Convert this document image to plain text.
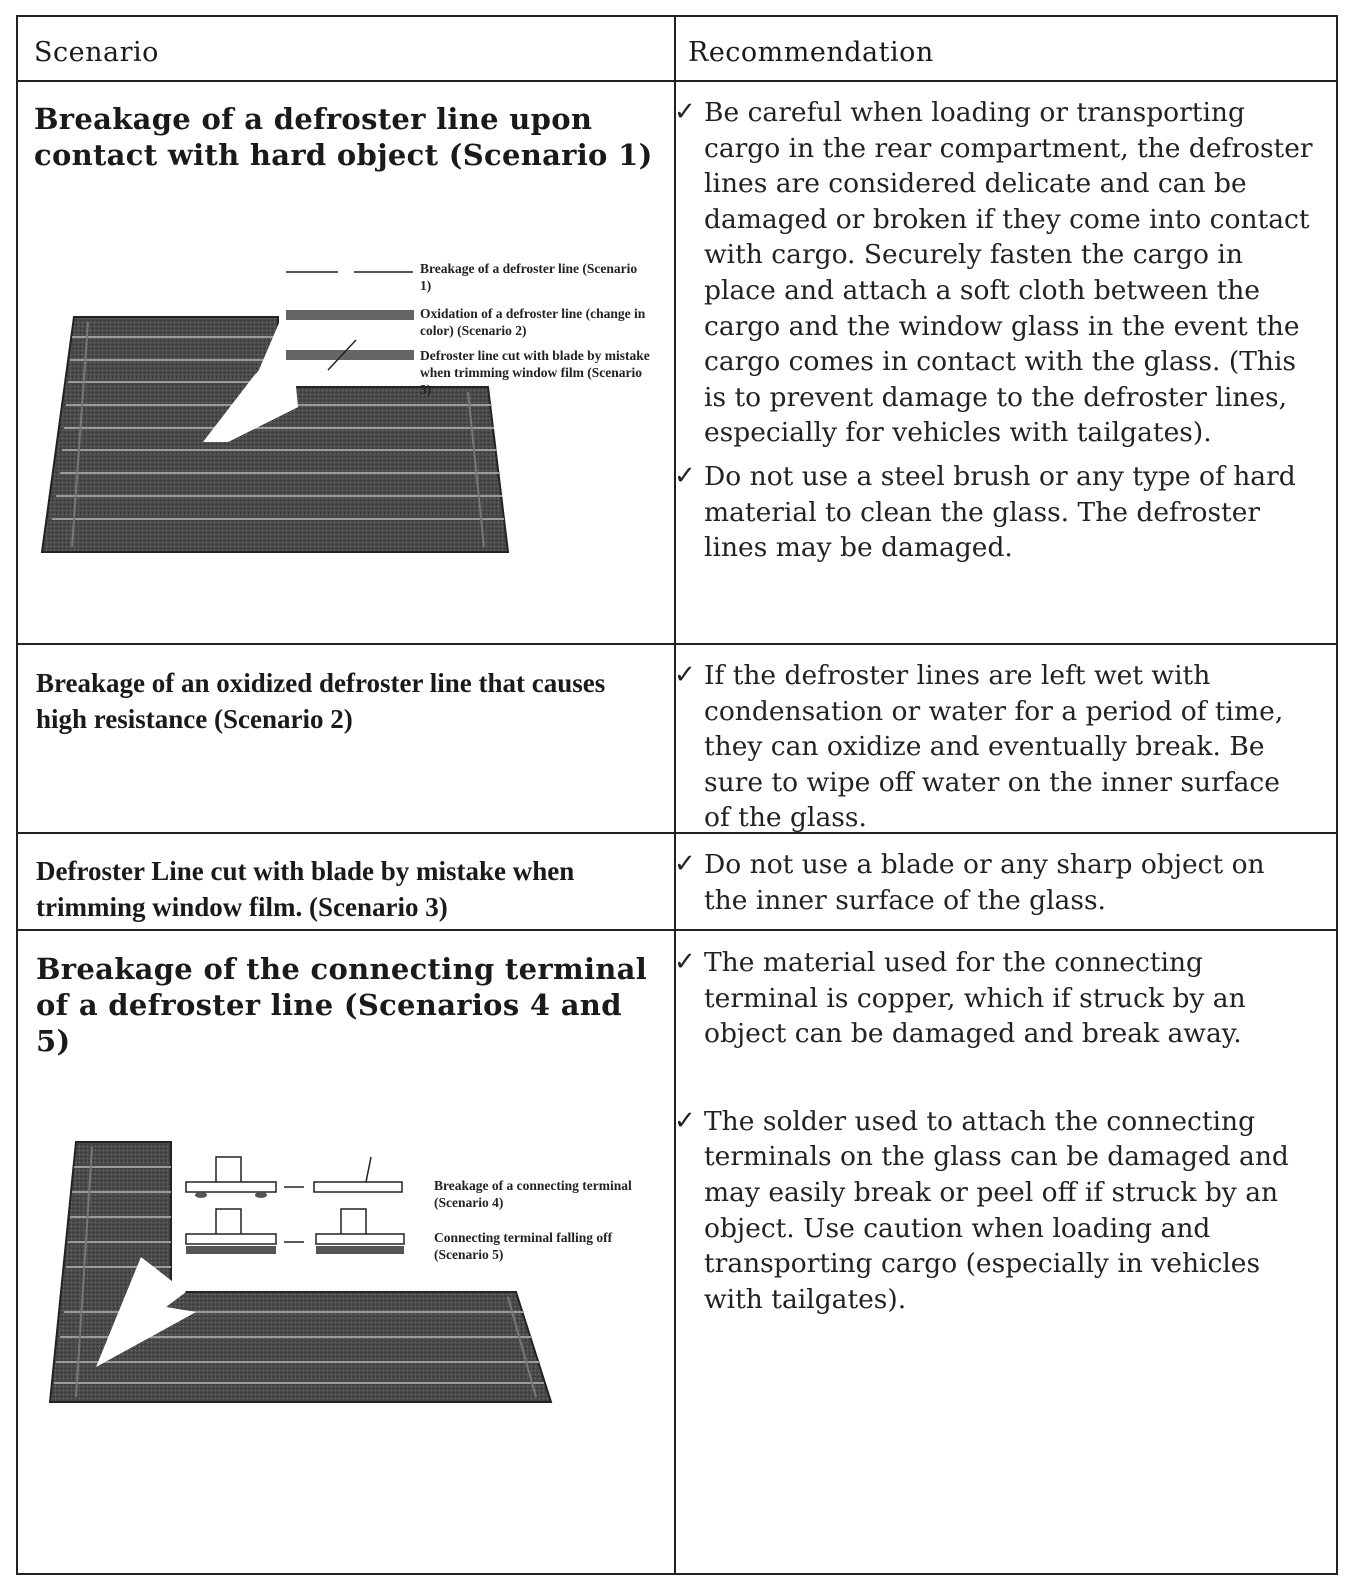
Scenario	Recommendation
Breakage of a defroster line upon contact with hard object (Scenario 1)
Breakage of a defroster line (Scenario 1)
Oxidation of a defroster line (change in color) (Scenario 2)
Defroster line cut with blade by mistake when trimming window film (Scenario 3)
✓ Be careful when loading or transporting cargo in the rear compartment, the defroster lines are considered delicate and can be damaged or broken if they come into contact with cargo. Securely fasten the cargo in place and attach a soft cloth between the cargo and the window glass in the event the cargo comes in contact with the glass. (This is to prevent damage to the defroster lines, especially for vehicles with tailgates).
✓ Do not use a steel brush or any type of hard material to clean the glass. The defroster lines may be damaged.
Breakage of an oxidized defroster line that causes high resistance (Scenario 2)
✓ If the defroster lines are left wet with condensation or water for a period of time, they can oxidize and eventually break. Be sure to wipe off water on the inner surface of the glass.
Defroster Line cut with blade by mistake when trimming window film. (Scenario 3)
✓ Do not use a blade or any sharp object on the inner surface of the glass.
Breakage of the connecting terminal of a defroster line (Scenarios 4 and 5)
Breakage of a connecting terminal (Scenario 4)
Connecting terminal falling off (Scenario 5)
✓ The material used for the connecting terminal is copper, which if struck by an object can be damaged and break away.
✓ The solder used to attach the connecting terminals on the glass can be damaged and may easily break or peel off if struck by an object. Use caution when loading and transporting cargo (especially in vehicles with tailgates).
